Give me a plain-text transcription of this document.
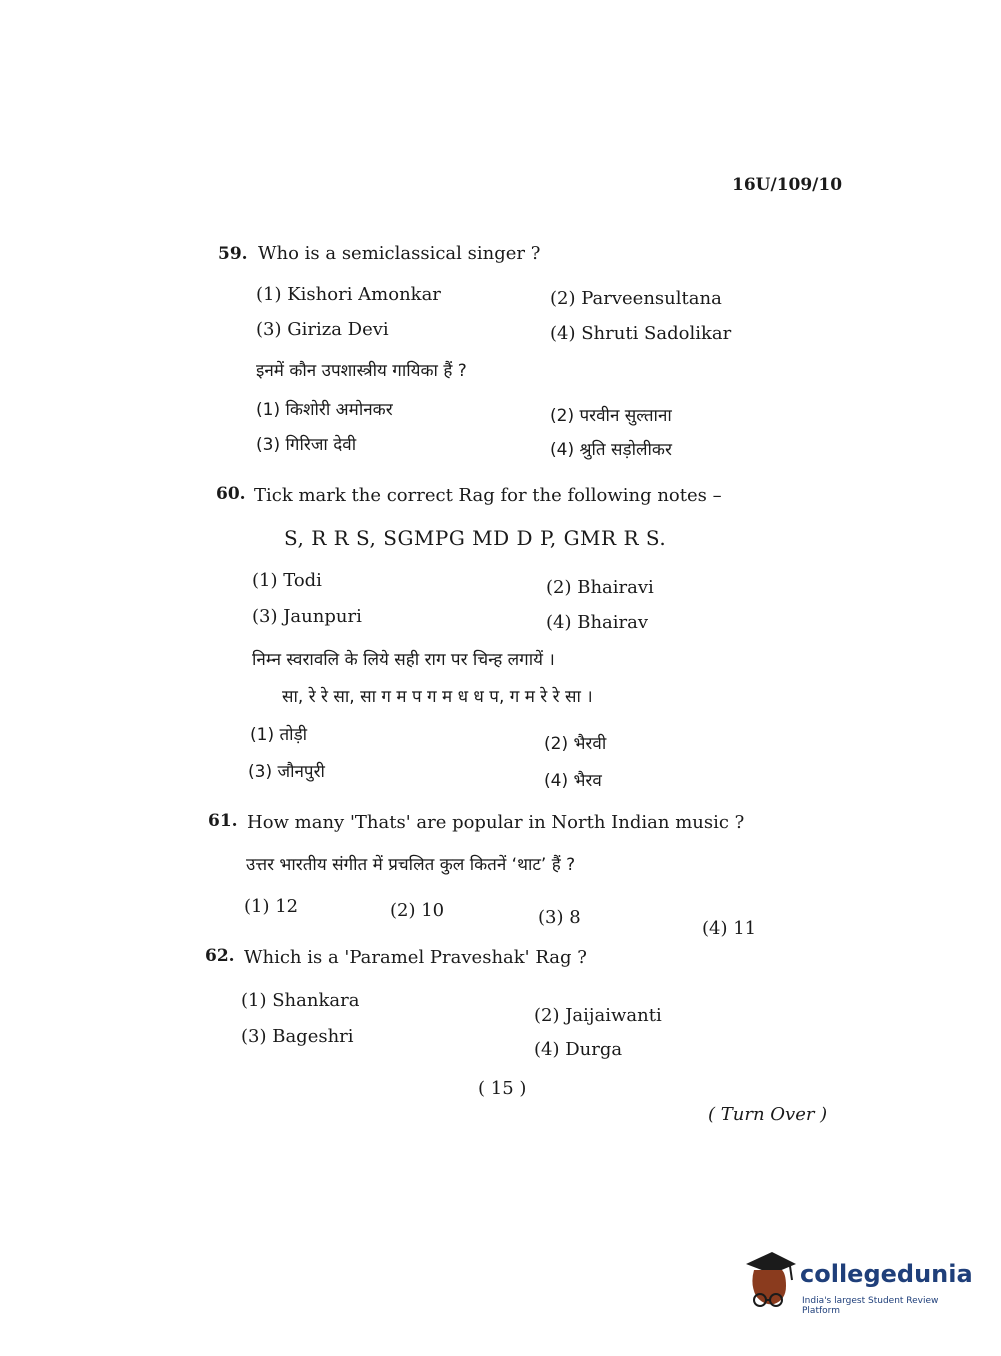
16U/109/10
59. Who is a semiclassical singer ?
(1) Kishori Amonkar	(2) Parveensultana
(3) Giriza Devi	(4) Shruti Sadolikar
इनमें कौन उपशास्त्रीय गायिका हैं ?
(1) किशोरी अमोनकर	(2) परवीन सुल्ताना
(3) गिरिजा देवी	(4) श्रुति सड़ोलीकर
60. Tick mark the correct Rag for the following notes –
S, R R S, SGMPG MD D P, GMR R S.
(1) Todi	(2) Bhairavi
(3) Jaunpuri	(4) Bhairav
निम्न स्वरावलि के लिये सही राग पर चिन्ह लगायें ।
सा, रे रे सा, सा ग म प ग म ध ध प, ग म रे रे सा ।
(1) तोड़ी	(2) भैरवी
(3) जौनपुरी	(4) भैरव
61. How many 'Thats' are popular in North Indian music ?
उत्तर भारतीय संगीत में प्रचलित कुल कितनें ‘थाट’ हैं ?
(1) 12	(2) 10	(3) 8
(4) 11
62. Which is a 'Paramel Praveshak' Rag ?
(1) Shankara
(2) Jaijaiwanti
(3) Bageshri
(4) Durga
( 15 )
( Turn Over )
collegedunia
India's largest Student Review Platform
